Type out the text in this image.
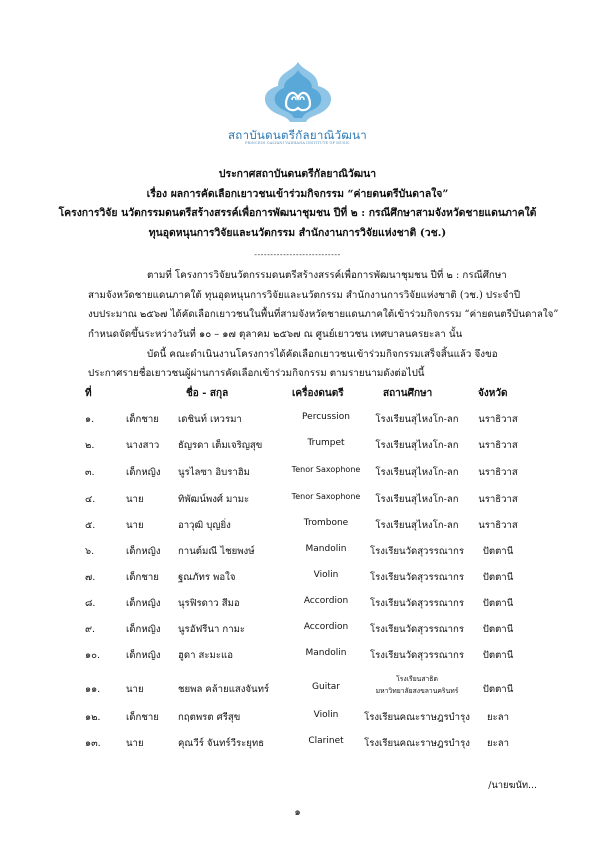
สถาบันดนตรีกัลยาณิวัฒนา
PRINCESS GALYANI VADHANA INSTITUTE OF MUSIC
ประกาศสถาบันดนตรีกัลยาณิวัฒนา
เรื่อง ผลการคัดเลือกเยาวชนเข้าร่วมกิจกรรม “ค่ายดนตรีบันดาลใจ”
โครงการวิจัย นวัตกรรมดนตรีสร้างสรรค์เพื่อการพัฒนาชุมชน ปีที่ ๒ : กรณีศึกษาสามจังหวัดชายแดนภาคใต้
ทุนอุดหนุนการวิจัยและนวัตกรรม สำนักงานการวิจัยแห่งชาติ (วช.)
---------------------------
ตามที่ โครงการวิจัยนวัตกรรมดนตรีสร้างสรรค์เพื่อการพัฒนาชุมชน ปีที่ ๒ : กรณีศึกษา
สามจังหวัดชายแดนภาคใต้ ทุนอุดหนุนการวิจัยและนวัตกรรม สำนักงานการวิจัยแห่งชาติ (วช.) ประจำปี
งบประมาณ ๒๕๖๗ ได้คัดเลือกเยาวชนในพื้นที่สามจังหวัดชายแดนภาคใต้เข้าร่วมกิจกรรม “ค่ายดนตรีบันดาลใจ”
กำหนดจัดขึ้นระหว่างวันที่ ๑๐ – ๑๗ ตุลาคม ๒๕๖๗ ณ ศูนย์เยาวชน เทศบาลนครยะลา นั้น
บัดนี้ คณะดำเนินงานโครงการได้คัดเลือกเยาวชนเข้าร่วมกิจกรรมเสร็จสิ้นแล้ว จึงขอ
ประกาศรายชื่อเยาวชนผู้ผ่านการคัดเลือกเข้าร่วมกิจกรรม ตามรายนามดังต่อไปนี้
ที่	ชื่อ - สกุล	เครื่องดนตรี	สถานศึกษา	จังหวัด
๑.	เด็กชาย	เดชินท์ เหวรมา	Percussion	โรงเรียนสุไหงโก-ลก	นราธิวาส
๒.	นางสาว	ธัญรดา เต็มเจริญสุข	Trumpet	โรงเรียนสุไหงโก-ลก	นราธิวาส
๓.	เด็กหญิง	นูรไลซา อิบราฮิม	Tenor Saxophone	โรงเรียนสุไหงโก-ลก	นราธิวาส
๔.	นาย	ทิพัฒน์พงศ์ มามะ	Tenor Saxophone	โรงเรียนสุไหงโก-ลก	นราธิวาส
๕.	นาย	อาวุฒิ บุญยิ่ง	Trombone	โรงเรียนสุไหงโก-ลก	นราธิวาส
๖.	เด็กหญิง	กานต์มณี ไชยพงษ์	Mandolin	โรงเรียนวัดสุวรรณากร	ปัตตานี
๗.	เด็กชาย	ฐณภัทร พอใจ	Violin	โรงเรียนวัดสุวรรณากร	ปัตตานี
๘.	เด็กหญิง	นุรฟิรดาว สีมอ	Accordion	โรงเรียนวัดสุวรรณากร	ปัตตานี
๙.	เด็กหญิง	นูรอัฟรีนา กามะ	Accordion	โรงเรียนวัดสุวรรณากร	ปัตตานี
๑๐.	เด็กหญิง	ฮูดา สะมะแอ	Mandolin	โรงเรียนวัดสุวรรณากร	ปัตตานี
๑๑.	นาย	ชยพล คล้ายแสงจันทร์	Guitar
โรงเรียนสาธิต
มหาวิทยาลัยสงขลานครินทร์	ปัตตานี
๑๒.	เด็กชาย	กฤตพรต ศรีสุข	Violin	โรงเรียนคณะราษฎรบำรุง	ยะลา
๑๓.	นาย	คุณวีร์ จันทร์วีระยุทธ	Clarinet	โรงเรียนคณะราษฎรบำรุง	ยะลา
/นายฆนัท...
๑
